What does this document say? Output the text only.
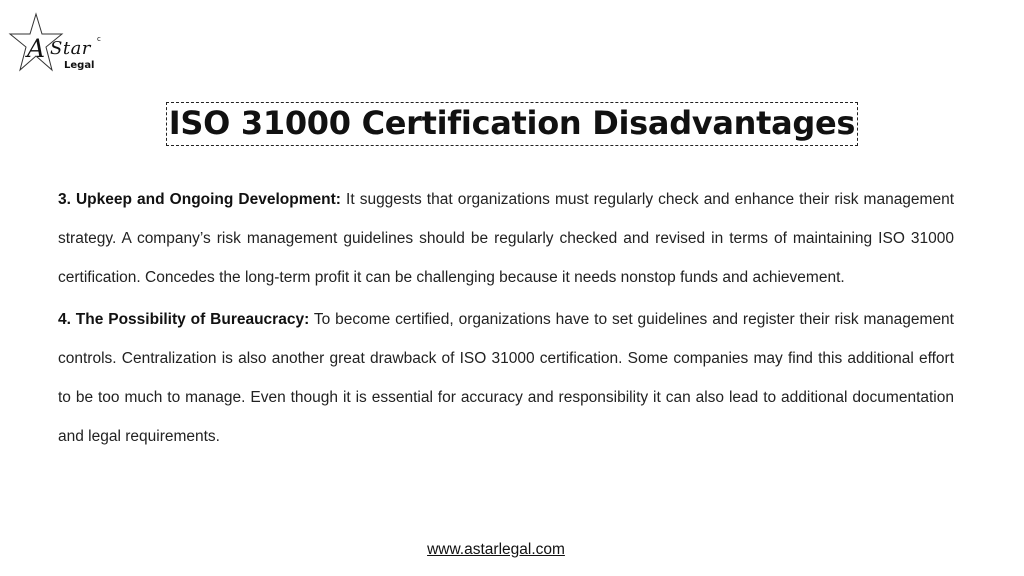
A Star
Legal
c
ISO 31000 Certification Disadvantages

3. Upkeep and Ongoing Development: It suggests that organizations must regularly check and enhance their risk management strategy. A company’s risk management guidelines should be regularly checked and revised in terms of maintaining ISO 31000 certification. Concedes the long-term profit it can be challenging because it needs nonstop funds and achievement.

4. The Possibility of Bureaucracy: To become certified, organizations have to set guidelines and register their risk management controls. Centralization is also another great drawback of ISO 31000 certification. Some companies may find this additional effort to be too much to manage. Even though it is essential for accuracy and responsibility it can also lead to additional documentation and legal requirements.

www.astarlegal.com
